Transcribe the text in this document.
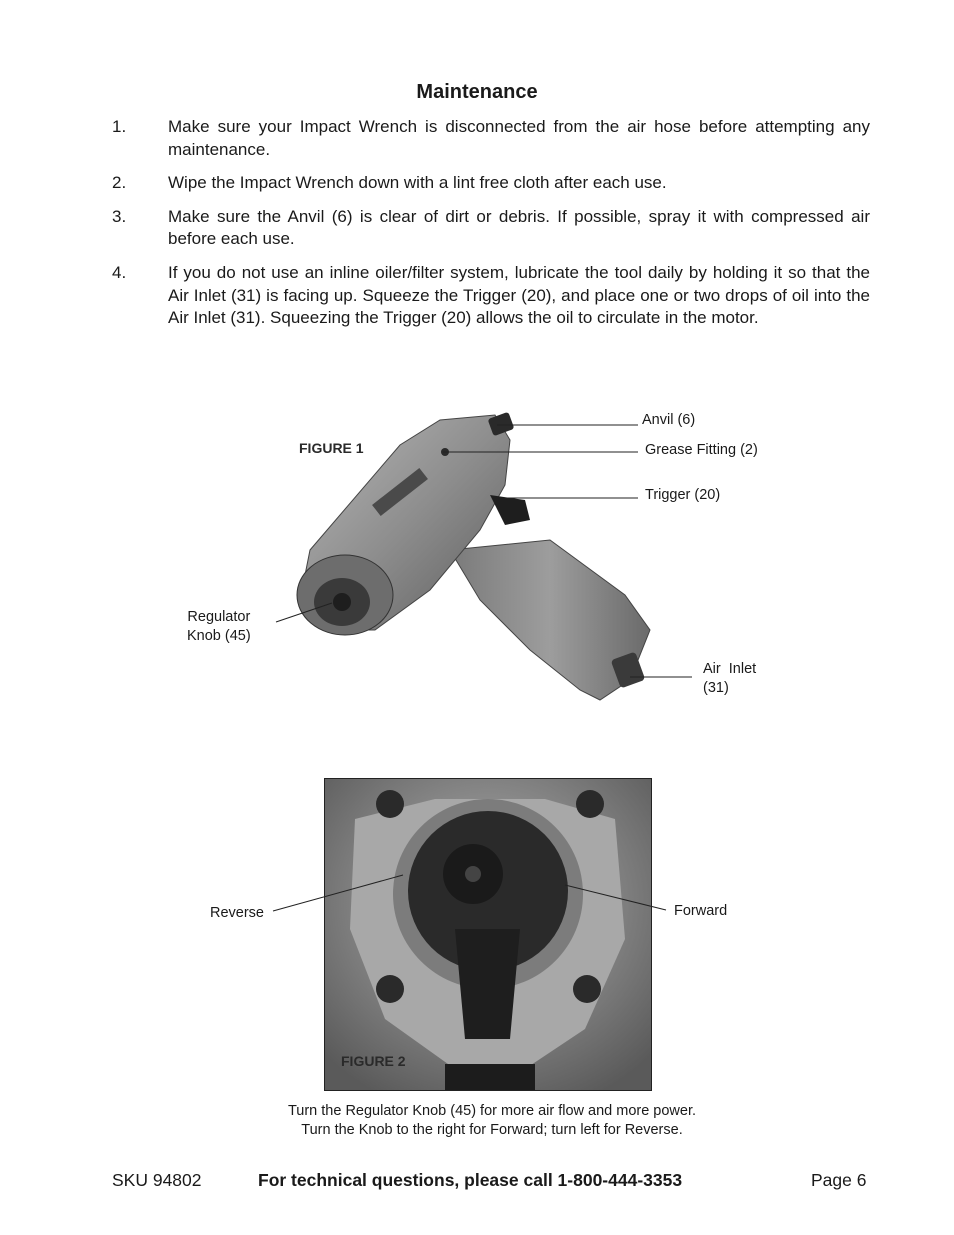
Maintenance
1.	Make sure your Impact Wrench is disconnected from the air hose before attempting any maintenance.
2.	Wipe the Impact Wrench down with a lint free cloth after each use.
3.	Make sure the Anvil (6) is clear of dirt or debris. If possible, spray it with compressed air before each use.
4.	If you do not use an inline oiler/filter system, lubricate the tool daily by holding it so that the Air Inlet (31) is facing up. Squeeze the Trigger (20), and place one or two drops of oil into the Air Inlet (31). Squeezing the Trigger (20) allows the oil to circulate in the motor.
FIGURE 2
FIGURE 1
Anvil (6)
Grease Fitting (2)
Trigger (20)
Regulator
Knob (45)
Air  Inlet
(31)
Reverse	Forward
Turn the Regulator Knob (45) for more air flow and more power.
Turn the Knob to the right for Forward; turn left for Reverse.
SKU 94802	For technical questions, please call 1-800-444-3353	Page 6
